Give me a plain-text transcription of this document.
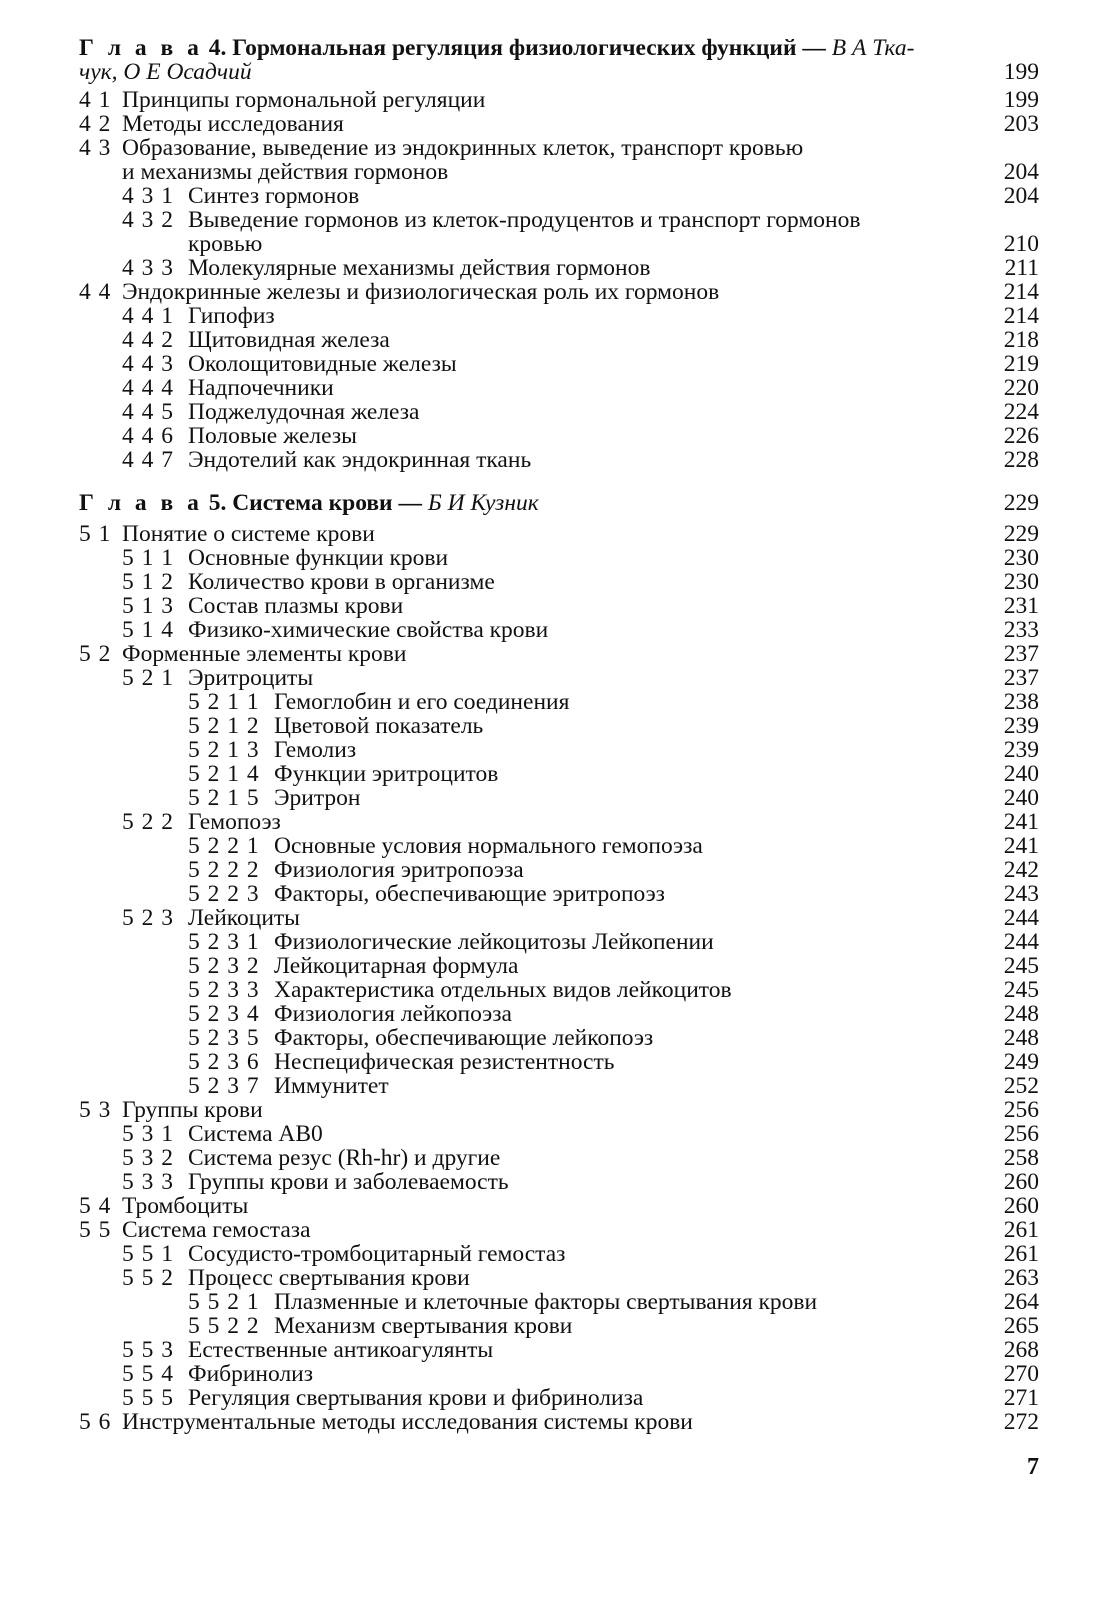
Г л а в а 4. Гормональная регуляция физиологических функций — В А Тка-
чук, О Е Осадчий	199
4 1 Принципы гормональной регуляции	199
4 2 Методы исследования	203
4 3 Образование, выведение из эндокринных клеток, транспорт кровью
и механизмы действия гормонов	204
4 3 1 Синтез гормонов	204
4 3 2 Выведение гормонов из клеток-продуцентов и транспорт гормонов
кровью	210
4 3 3 Молекулярные механизмы действия гормонов	211
4 4 Эндокринные железы и физиологическая роль их гормонов	214
4 4 1 Гипофиз	214
4 4 2 Щитовидная железа	218
4 4 3 Околощитовидные железы	219
4 4 4 Надпочечники	220
4 4 5 Поджелудочная железа	224
4 4 6 Половые железы	226
4 4 7 Эндотелий как эндокринная ткань	228
Г л а в а 5. Система крови — Б И Кузник	229
5 1 Понятие о системе крови	229
5 1 1 Основные функции крови	230
5 1 2 Количество крови в организме	230
5 1 3 Состав плазмы крови	231
5 1 4 Физико-химические свойства крови	233
5 2 Форменные элементы крови	237
5 2 1 Эритроциты	237
5 2 1 1 Гемоглобин и его соединения	238
5 2 1 2 Цветовой показатель	239
5 2 1 3 Гемолиз	239
5 2 1 4 Функции эритроцитов	240
5 2 1 5 Эритрон	240
5 2 2 Гемопоэз	241
5 2 2 1 Основные условия нормального гемопоэза	241
5 2 2 2 Физиология эритропоэза	242
5 2 2 3 Факторы, обеспечивающие эритропоэз	243
5 2 3 Лейкоциты	244
5 2 3 1 Физиологические лейкоцитозы Лейкопении	244
5 2 3 2 Лейкоцитарная формула	245
5 2 3 3 Характеристика отдельных видов лейкоцитов	245
5 2 3 4 Физиология лейкопоэза	248
5 2 3 5 Факторы, обеспечивающие лейкопоэз	248
5 2 3 6 Неспецифическая резистентность	249
5 2 3 7 Иммунитет	252
5 3 Группы крови	256
5 3 1 Система AB0	256
5 3 2 Система резус (Rh-hr) и другие	258
5 3 3 Группы крови и заболеваемость	260
5 4 Тромбоциты	260
5 5 Система гемостаза	261
5 5 1 Сосудисто-тромбоцитарный гемостаз	261
5 5 2 Процесс свертывания крови	263
5 5 2 1 Плазменные и клеточные факторы свертывания крови	264
5 5 2 2 Механизм свертывания крови	265
5 5 3 Естественные антикоагулянты	268
5 5 4 Фибринолиз	270
5 5 5 Регуляция свертывания крови и фибринолиза	271
5 6 Инструментальные методы исследования системы крови	272
7
